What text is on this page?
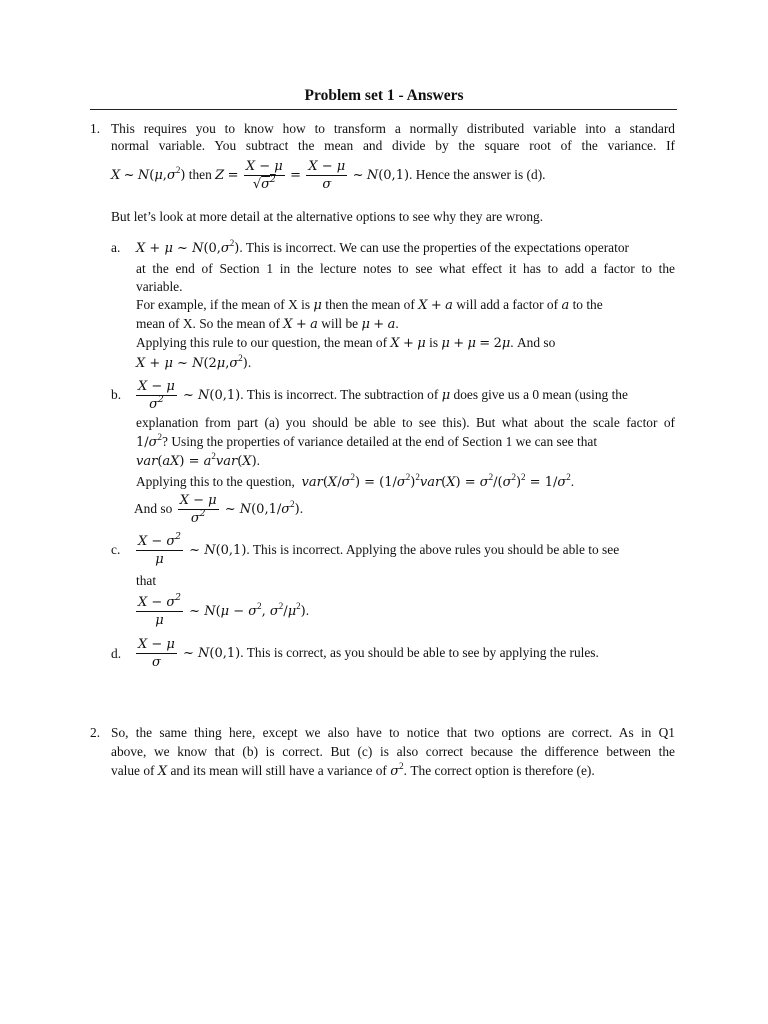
Problem set 1 - Answers
1. This requires you to know how to transform a normally distributed variable into a standard
normal variable. You subtract the mean and divide by the square root of the variance. If
X ~ $N(\mu,\sigma^2)$ then $Z = \frac{X - \mu}{√\sigma^2} = \frac{X - \mu}{\sigma}$ ~ N(0,1). Hence the answer is (d).
But let’s look at more detail at the alternative options to see why they are wrong.
a. X + μ ~ $N(0,\sigma^2)$. This is incorrect. We can use the properties of the expectations operator
at the end of Section 1 in the lecture notes to see what effect it has to add a factor to the
variable.
For example, if the mean of X is μ then the mean of X + a will add a factor of a to the
mean of X. So the mean of X + a will be μ + a.
Applying this rule to our question, the mean of X + μ is μ + μ = 2μ. And so
X + μ ~ $N(2\mu,\sigma^2)$.
b. $\frac{X - \mu}{\sigma^2}$ ~ N(0,1). This is incorrect. The subtraction of μ does give us a 0 mean (using the
explanation from part (a) you should be able to see this). But what about the scale factor of
$1/\sigma^2$? Using the properties of variance detailed at the end of Section 1 we can see that
$var(aX) = a^2var(X)$.
Applying this to the question, $var(X/\sigma^2) = (1/\sigma^2)^2var(X) = \sigma^2/(\sigma^2)^2 = 1/\sigma^2$.
And so $\frac{X - \mu}{\sigma^2}$ ~ $N(0,1/\sigma^2)$.
c. $\frac{X - \sigma^2}{\mu}$ ~ N(0,1). This is incorrect. Applying the above rules you should be able to see
that
$\frac{X - \sigma^2}{\mu}$ ~ $N(\mu - \sigma^2$, $\sigma^2/\mu^2$).
d. $\frac{X - \mu}{\sigma}$ ~ N(0,1). This is correct, as you should be able to see by applying the rules.
2. So, the same thing here, except we also have to notice that two options are correct. As in Q1
above, we know that (b) is correct. But (c) is also correct because the difference between the
value of X and its mean will still have a variance of $\sigma^2$. The correct option is therefore (e).
